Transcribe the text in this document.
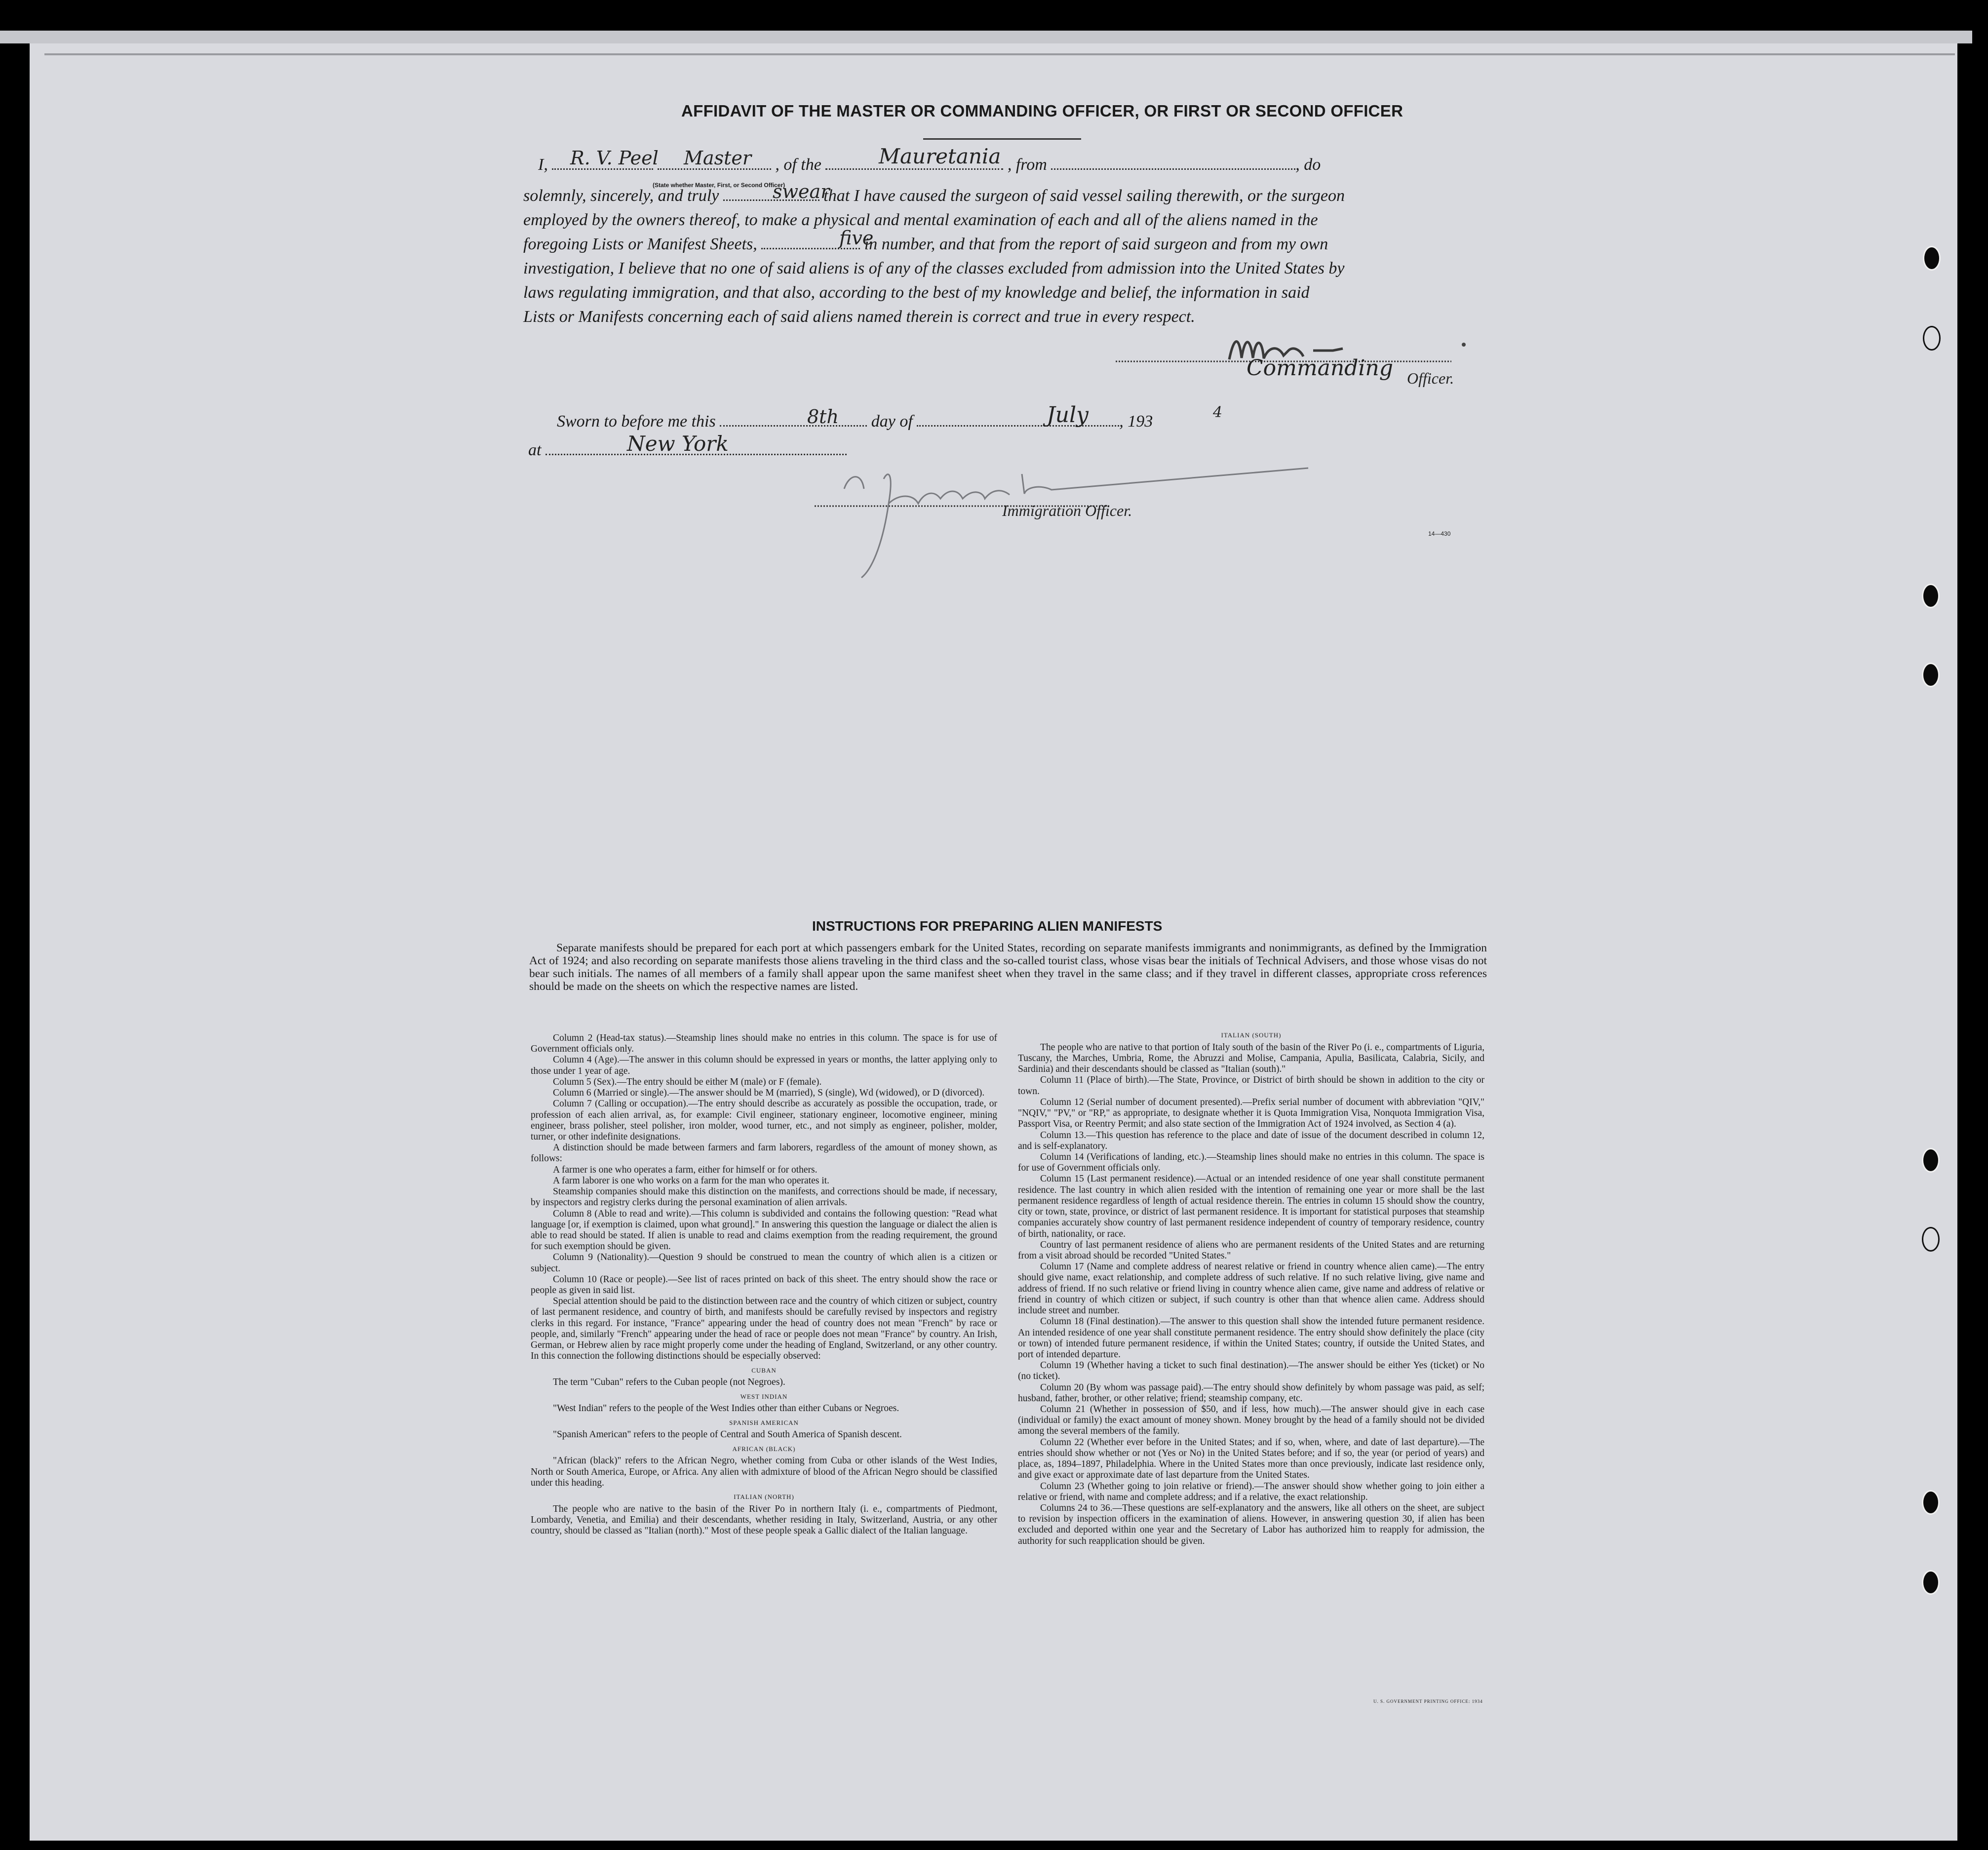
AFFIDAVIT OF THE MASTER OR COMMANDING OFFICER, OR FIRST OR SECOND OFFICER
I,	, of the	, from	, do
R. V. Peel Master	Mauretania
(State whether Master, First, or Second Officer)
solemnly, sincerely, and truly	that I have caused the surgeon of said vessel sailing therewith, or the surgeon
swear
employed by the owners thereof, to make a physical and mental examination of each and all of the aliens named in the
foregoing Lists or Manifest Sheets,	in number, and that from the report of said surgeon and from my own
five
investigation, I believe that no one of said aliens is of any of the classes excluded from admission into the United States by
laws regulating immigration, and that also, according to the best of my knowledge and belief, the information in said
Lists or Manifests concerning each of said aliens named therein is correct and true in every respect.
Commanding Officer.
Sworn to before me this	day of	, 193
8th	July	4
at	New York
Immigration Officer.
14—430
INSTRUCTIONS FOR PREPARING ALIEN MANIFESTS
Separate manifests should be prepared for each port at which passengers embark for the United States, recording on separate manifests immigrants and nonimmigrants, as defined by the Immigration Act of 1924; and also recording on separate manifests those aliens traveling in the third class and the so-called tourist class, whose visas bear the initials of Technical Advisers, and those whose visas do not bear such initials. The names of all members of a family shall appear upon the same manifest sheet when they travel in the same class; and if they travel in different classes, appropriate cross references should be made on the sheets on which the respective names are listed.

Column 2 (Head-tax status).—Steamship lines should make no entries in this column. The space is for use of Government officials only.

Column 4 (Age).—The answer in this column should be expressed in years or months, the latter applying only to those under 1 year of age.

Column 5 (Sex).—The entry should be either M (male) or F (female).

Column 6 (Married or single).—The answer should be M (married), S (single), Wd (widowed), or D (divorced).

Column 7 (Calling or occupation).—The entry should describe as accurately as possible the occupation, trade, or profession of each alien arrival, as, for example: Civil engineer, stationary engineer, locomotive engineer, mining engineer, brass polisher, steel polisher, iron molder, wood turner, etc., and not simply as engineer, polisher, molder, turner, or other indefinite designations.

A distinction should be made between farmers and farm laborers, regardless of the amount of money shown, as follows:

A farmer is one who operates a farm, either for himself or for others.

A farm laborer is one who works on a farm for the man who operates it.

Steamship companies should make this distinction on the manifests, and corrections should be made, if necessary, by inspectors and registry clerks during the personal examination of alien arrivals.

Column 8 (Able to read and write).—This column is subdivided and contains the following question: "Read what language [or, if exemption is claimed, upon what ground]." In answering this question the language or dialect the alien is able to read should be stated. If alien is unable to read and claims exemption from the reading requirement, the ground for such exemption should be given.

Column 9 (Nationality).—Question 9 should be construed to mean the country of which alien is a citizen or subject.

Column 10 (Race or people).—See list of races printed on back of this sheet. The entry should show the race or people as given in said list.

Special attention should be paid to the distinction between race and the country of which citizen or subject, country of last permanent residence, and country of birth, and manifests should be carefully revised by inspectors and registry clerks in this regard. For instance, "France" appearing under the head of country does not mean "French" by race or people, and, similarly "French" appearing under the head of race or people does not mean "France" by country. An Irish, German, or Hebrew alien by race might properly come under the heading of England, Switzerland, or any other country. In this connection the following distinctions should be especially observed:

CUBAN

The term "Cuban" refers to the Cuban people (not Negroes).

WEST INDIAN

"West Indian" refers to the people of the West Indies other than either Cubans or Negroes.

SPANISH AMERICAN

"Spanish American" refers to the people of Central and South America of Spanish descent.

AFRICAN (BLACK)

"African (black)" refers to the African Negro, whether coming from Cuba or other islands of the West Indies, North or South America, Europe, or Africa. Any alien with admixture of blood of the African Negro should be classified under this heading.

ITALIAN (NORTH)

The people who are native to the basin of the River Po in northern Italy (i. e., compartments of Piedmont, Lombardy, Venetia, and Emilia) and their descendants, whether residing in Italy, Switzerland, Austria, or any other country, should be classed as "Italian (north)." Most of these people speak a Gallic dialect of the Italian language.

ITALIAN (SOUTH)

The people who are native to that portion of Italy south of the basin of the River Po (i. e., compartments of Liguria, Tuscany, the Marches, Umbria, Rome, the Abruzzi and Molise, Campania, Apulia, Basilicata, Calabria, Sicily, and Sardinia) and their descendants should be classed as "Italian (south)."

Column 11 (Place of birth).—The State, Province, or District of birth should be shown in addition to the city or town.

Column 12 (Serial number of document presented).—Prefix serial number of document with abbreviation "QIV," "NQIV," "PV," or "RP," as appropriate, to designate whether it is Quota Immigration Visa, Nonquota Immigration Visa, Passport Visa, or Reentry Permit; and also state section of the Immigration Act of 1924 involved, as Section 4 (a).

Column 13.—This question has reference to the place and date of issue of the document described in column 12, and is self-explanatory.

Column 14 (Verifications of landing, etc.).—Steamship lines should make no entries in this column. The space is for use of Government officials only.

Column 15 (Last permanent residence).—Actual or an intended residence of one year shall constitute permanent residence. The last country in which alien resided with the intention of remaining one year or more shall be the last permanent residence regardless of length of actual residence therein. The entries in column 15 should show the country, city or town, state, province, or district of last permanent residence. It is important for statistical purposes that steamship companies accurately show country of last permanent residence independent of country of temporary residence, country of birth, nationality, or race.

Country of last permanent residence of aliens who are permanent residents of the United States and are returning from a visit abroad should be recorded "United States."

Column 17 (Name and complete address of nearest relative or friend in country whence alien came).—The entry should give name, exact relationship, and complete address of such relative. If no such relative living, give name and address of friend. If no such relative or friend living in country whence alien came, give name and address of relative or friend in country of which citizen or subject, if such country is other than that whence alien came. Address should include street and number.

Column 18 (Final destination).—The answer to this question shall show the intended future permanent residence. An intended residence of one year shall constitute permanent residence. The entry should show definitely the place (city or town) of intended future permanent residence, if within the United States; country, if outside the United States, and port of intended departure.

Column 19 (Whether having a ticket to such final destination).—The answer should be either Yes (ticket) or No (no ticket).

Column 20 (By whom was passage paid).—The entry should show definitely by whom passage was paid, as self; husband, father, brother, or other relative; friend; steamship company, etc.

Column 21 (Whether in possession of $50, and if less, how much).—The answer should give in each case (individual or family) the exact amount of money shown. Money brought by the head of a family should not be divided among the several members of the family.

Column 22 (Whether ever before in the United States; and if so, when, where, and date of last departure).—The entries should show whether or not (Yes or No) in the United States before; and if so, the year (or period of years) and place, as, 1894–1897, Philadelphia. Where in the United States more than once previously, indicate last residence only, and give exact or approximate date of last departure from the United States.

Column 23 (Whether going to join relative or friend).—The answer should show whether going to join either a relative or friend, with name and complete address; and if a relative, the exact relationship.

Columns 24 to 36.—These questions are self-explanatory and the answers, like all others on the sheet, are subject to revision by inspection officers in the examination of aliens. However, in answering question 30, if alien has been excluded and deported within one year and the Secretary of Labor has authorized him to reapply for admission, the authority for such reapplication should be given.

U. S. GOVERNMENT PRINTING OFFICE: 1934
